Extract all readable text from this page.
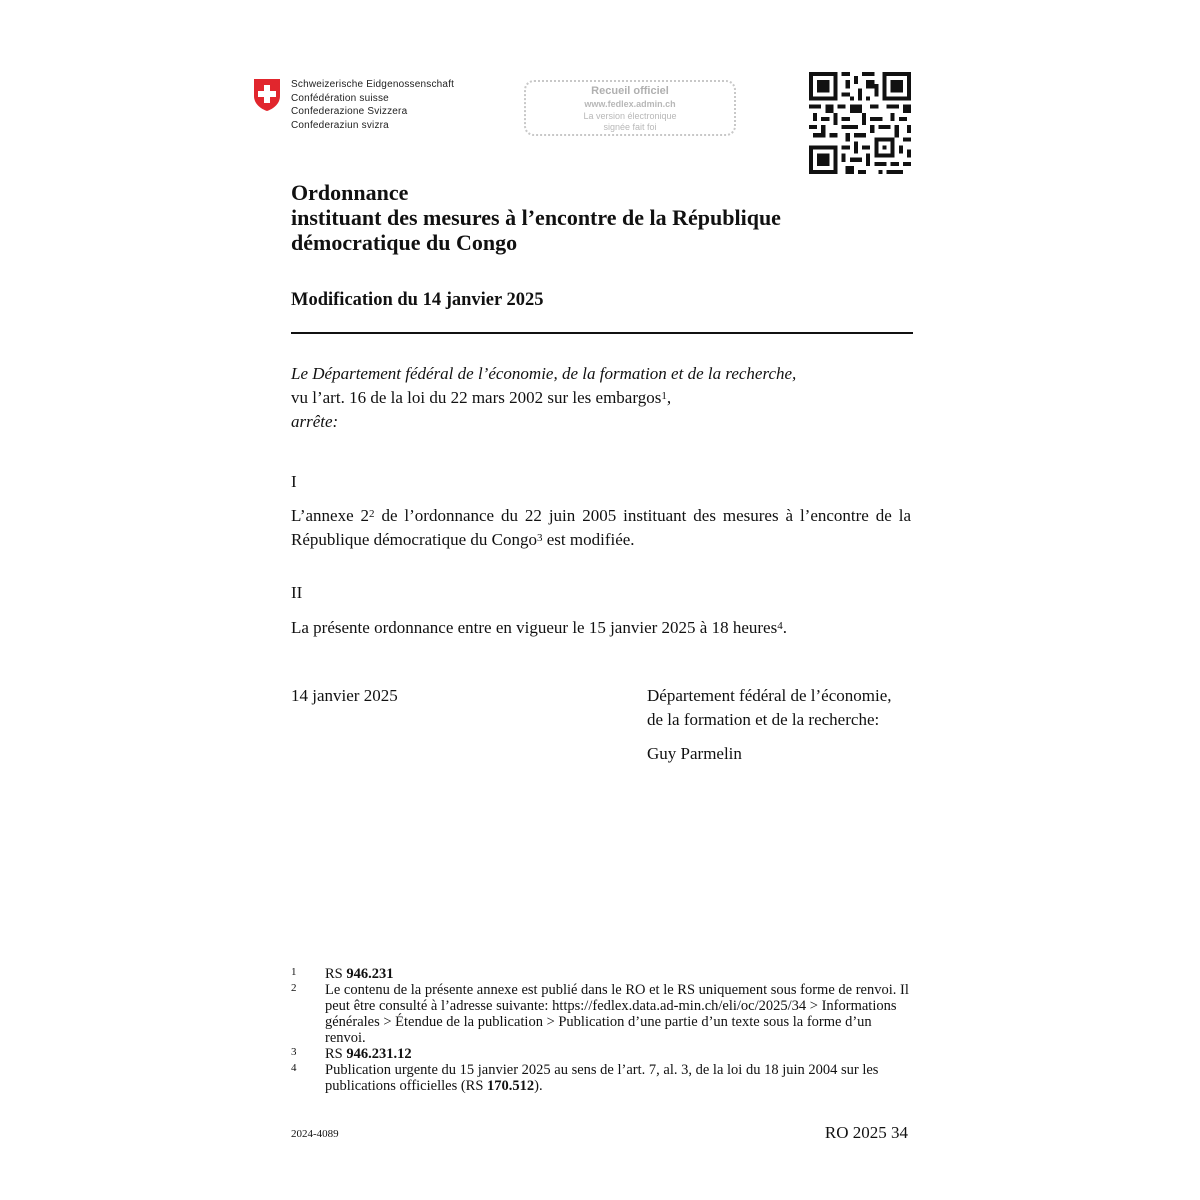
Schweizerische Eidgenossenschaft
Confédération suisse
Confederazione Svizzera
Confederaziun svizra
Recueil officiel
www.fedlex.admin.ch
La version électronique
signée fait foi
Ordonnance
instituant des mesures à l’encontre de la République
démocratique du Congo
Modification du 14 janvier 2025
Le Département fédéral de l’économie, de la formation et de la recherche,
vu l’art. 16 de la loi du 22 mars 2002 sur les embargos$^1$,
arrête:
I
L’annexe $2^2$ de l’ordonnance du 22 juin 2005 instituant des mesures à l’encontre de la République démocratique du Congo$^3$ est modifiée.
II
La présente ordonnance entre en vigueur le 15 janvier 2025 à 18 heures$^4$.
14 janvier 2025	Département fédéral de l’économie,
de la formation et de la recherche:
Guy Parmelin
1 RS 946.231
2 Le contenu de la présente annexe est publié dans le RO et le RS uniquement sous forme de renvoi. Il peut être consulté à l’adresse suivante: https://fedlex.data.ad-min.ch/eli/oc/2025/34 > Informations générales > Étendue de la publication > Publication d’une partie d’un texte sous la forme d’un renvoi.
3 RS 946.231.12
4 Publication urgente du 15 janvier 2025 au sens de l’art. 7, al. 3, de la loi du 18 juin 2004 sur les publications officielles (RS 170.512).
2024-4089	RO 2025 34
